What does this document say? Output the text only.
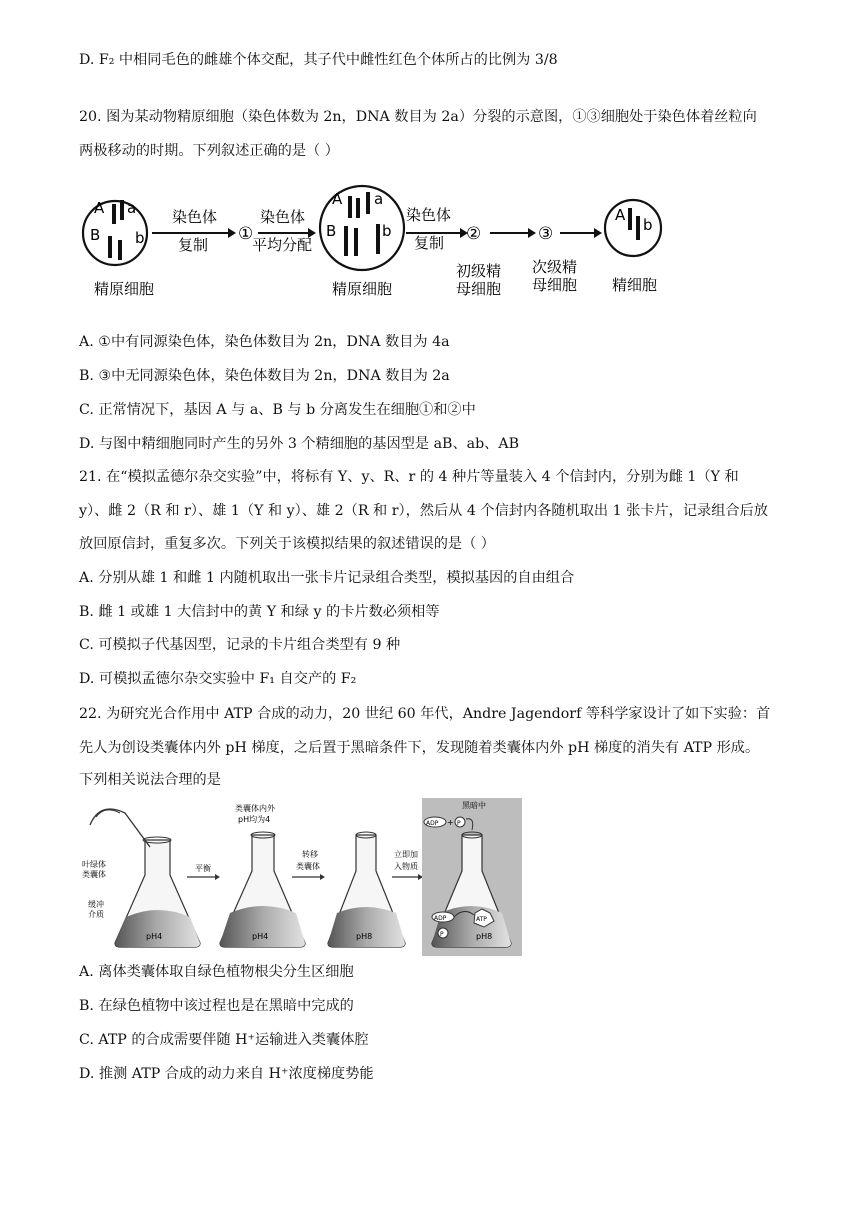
D. F₂ 中相同毛色的雌雄个体交配，其子代中雌性红色个体所占的比例为 3/8
20. 图为某动物精原细胞（染色体数为 2n，DNA 数目为 2a）分裂的示意图，①③细胞处于染色体着丝粒向
两极移动的时期。下列叙述正确的是（ ）
A a
B b
精原细胞
染色体
复制
①
染色体
平均分配
A a
B	b
精原细胞
染色体
复制 ②	③
初级精
母细胞
次级精
母细胞
A
b
精细胞
A. ①中有同源染色体，染色体数目为 2n，DNA 数目为 4a
B. ③中无同源染色体，染色体数目为 2n，DNA 数目为 2a
C. 正常情况下，基因 A 与 a、B 与 b 分离发生在细胞①和②中
D. 与图中精细胞同时产生的另外 3 个精细胞的基因型是 aB、ab、AB
21. 在“模拟孟德尔杂交实验”中，将标有 Y、y、R、r 的 4 种片等量装入 4 个信封内，分别为雌 1（Y 和
y）、雌 2（R 和 r）、雄 1（Y 和 y）、雄 2（R 和 r），然后从 4 个信封内各随机取出 1 张卡片，记录组合后放
放回原信封，重复多次。下列关于该模拟结果的叙述错误的是（ ）
A. 分别从雄 1 和雌 1 内随机取出一张卡片记录组合类型，模拟基因的自由组合
B. 雌 1 或雄 1 大信封中的黄 Y 和绿 y 的卡片数必须相等
C. 可模拟子代基因型，记录的卡片组合类型有 9 种
D. 可模拟孟德尔杂交实验中 F₁ 自交产的 F₂
22. 为研究光合作用中 ATP 合成的动力，20 世纪 60 年代，Andre Jagendorf 等科学家设计了如下实验：首
先人为创设类囊体内外 pH 梯度，之后置于黑暗条件下，发现随着类囊体内外 pH 梯度的消失有 ATP 形成。
下列相关说法合理的是
pH4
叶绿体
类囊体
缓冲
介质
平衡
pH4
类囊体内外
pH均为4
转移
类囊体
pH8
立即加
入物质
pH8
黑暗中
ADP + P
ADP
P
ATP
A. 离体类囊体取自绿色植物根尖分生区细胞
B. 在绿色植物中该过程也是在黑暗中完成的
C. ATP 的合成需要伴随 H⁺运输进入类囊体腔
D. 推测 ATP 合成的动力来自 H⁺浓度梯度势能
